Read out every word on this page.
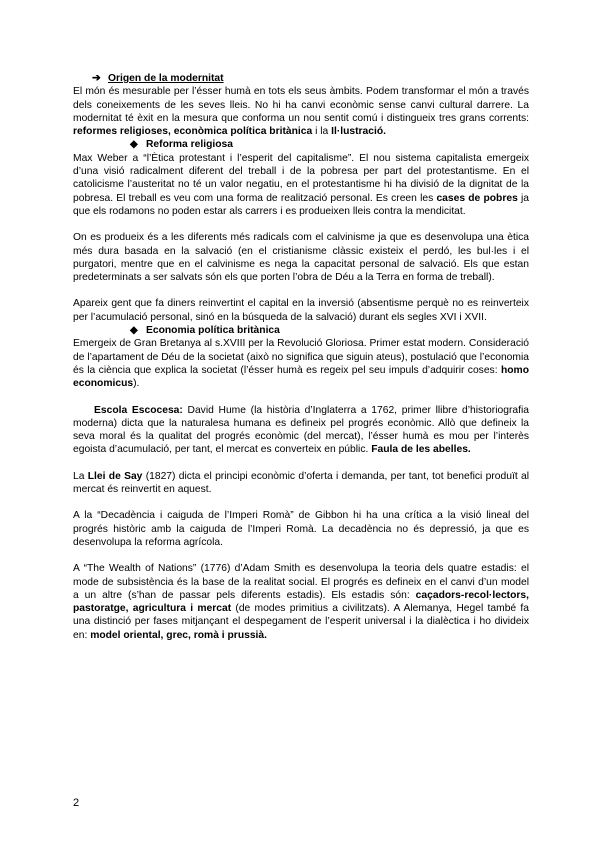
➔ Origen de la modernitat

El món és mesurable per l’ésser humà en tots els seus àmbits. Podem transformar el món a través dels coneixements de les seves lleis. No hi ha canvi econòmic sense canvi cultural darrere. La modernitat té èxit en la mesura que conforma un nou sentit comú i distingueix tres grans corrents: reformes religioses, econòmica política britànica i la Il·lustració.

◆ Reforma religiosa

Max Weber a “l’Ètica protestant i l’esperit del capitalisme”. El nou sistema capitalista emergeix d’una visió radicalment diferent del treball i de la pobresa per part del protestantisme. En el catolicisme l’austeritat no té un valor negatiu, en el protestantisme hi ha divisió de la dignitat de la pobresa. El treball es veu com una forma de realització personal. Es creen les cases de pobres ja que els rodamons no poden estar als carrers i es produeixen lleis contra la mendicitat.

On es produeix és a les diferents més radicals com el calvinisme ja que es desenvolupa una ètica més dura basada en la salvació (en el cristianisme clàssic existeix el perdó, les bul·les i el purgatori, mentre que en el calvinisme es nega la capacitat personal de salvació. Els que estan predeterminats a ser salvats són els que porten l’obra de Déu a la Terra en forma de treball).

Apareix gent que fa diners reinvertint el capital en la inversió (absentisme perquè no es reinverteix per l’acumulació personal, sinó en la búsqueda de la salvació) durant els segles XVI i XVII.

◆ Economia política britànica

Emergeix de Gran Bretanya al s.XVIII per la Revolució Gloriosa. Primer estat modern. Consideració de l’apartament de Déu de la societat (això no significa que siguin ateus), postulació que l’economia és la ciència que explica la societat (l’ésser humà es regeix pel seu impuls d’adquirir coses: homo economicus).

Escola Escocesa: David Hume (la història d’Inglaterra a 1762, primer llibre d’historiografia moderna) dicta que la naturalesa humana es defineix pel progrés econòmic. Allò que defineix la seva moral és la qualitat del progrés econòmic (del mercat), l’ésser humà es mou per l’interès egoista d’acumulació, per tant, el mercat es converteix en públic. Faula de les abelles.

La Llei de Say (1827) dicta el principi econòmic d’oferta i demanda, per tant, tot benefici produït al mercat és reinvertit en aquest.

A la “Decadència i caiguda de l’Imperi Romà” de Gibbon hi ha una crítica a la visió lineal del progrés històric amb la caiguda de l’Imperi Romà. La decadència no és depressió, ja que es desenvolupa la reforma agrícola.

A “The Wealth of Nations” (1776) d’Adam Smith es desenvolupa la teoria dels quatre estadis: el mode de subsistència és la base de la realitat social. El progrés es defineix en el canvi d’un model a un altre (s’han de passar pels diferents estadis). Els estadis són: caçadors-recol·lectors, pastoratge, agricultura i mercat (de modes primitius a civilitzats). A Alemanya, Hegel també fa una distinció per fases mitjançant el despegament de l’esperit universal i la dialèctica i ho divideix en: model oriental, grec, romà i prussià.

2
